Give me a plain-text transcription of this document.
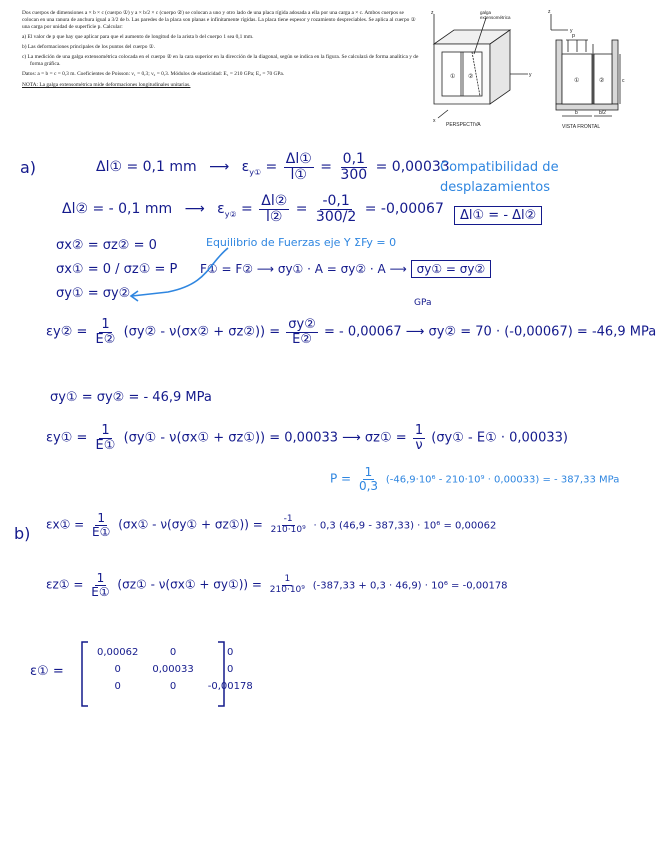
Dos cuerpos de dimensiones a × b × c (cuerpo ①) y a × b/2 × c (cuerpo ②) se colocan a uno y otro lado de una placa rígida adosada a ella por una carga a × c. Ambos cuerpos se colocan en una ranura de anchura igual a 3/2 de b. Las paredes de la placa son planas e infinitamente rígidas. La placa tiene espesor y rozamiento despreciables. Se aplica al cuerpo ① una carga por unidad de superficie p. Calcular:

a) El valor de p que hay que aplicar para que el aumento de longitud de la arista b del cuerpo 1 sea 0,1 mm.

b) Las deformaciones principales de los puntos del cuerpo ①.

c) La medición de una galga extensométrica colocada en el cuerpo ② en la cara superior en la dirección de la diagonal, según se indica en la figura. Se calculará de forma analítica y de forma gráfica.

Datos: a = b = c = 0,3 m. Coeficientes de Poisson: ν₁ = 0,3; ν₂ = 0,3. Módulos de elasticidad: E₁ = 210 GPa; E₂ = 70 GPa.

NOTA: La galga extensométrica mide deformaciones longitudinales unitarias.

① ②
z
y
x
galga
extensométrica
PERSPECTIVA
p
①	②
b	b/2
c
z
y
VISTA FRONTAL
a)	Δl① = 0,1 mm ⟶ $\varepsilon_{y①} = \frac{\text{Δl①}}{\text{l①}} = \frac{0,1}{300} = 0,00033$
Compatibilidad de
desplazamientos
Δl① = - Δl②
Δl② = - 0,1 mm ⟶ $\varepsilon_{y②} = \frac{\text{Δl②}}{\text{l②}} = \frac{-0,1}{300/2} = -0,00067$
σx② = σz② = 0
σx① = 0 / σz① = P
σy① = σy②
Equilibrio de Fuerzas eje Y ΣFy = 0
F① = F② ⟶ σy① · A = σy② · A ⟶ σy① = σy②
GPa
εy② = $\frac{1}{\text{E②}}$ (σy② - ν(σx② + σz②)) = $\frac{\text{σy②}}{\text{E②}}$ = - 0,00067 ⟶ σy② = 70 · (-0,00067) = -46,9 MPa
σy① = σy② = - 46,9 MPa
εy① = $\frac{1}{\text{E①}}$ (σy① - ν(σx① + σz①)) = 0,00033 ⟶ σz① = $\frac{1}{\nu}$ (σy① - E① · 0,00033)
$P = \frac{1}{0,3} (-46,9\cdot 10^6 - 210\cdot 10^9 \cdot 0,00033)$ = - 387,33 MPa
b) εx① = $\frac{1}{\text{E①}}$ (σx① - ν(σy① + σz①)) = $\frac{-1}{\text{210·10⁹}} \cdot 0,3$ (46,9 - 387,33) · 10⁶ = 0,00062
εz① = $\frac{1}{\text{E①}}$ (σz① - ν(σx① + σy①)) = $\frac{1}{\text{210·10⁹}} (-387,33 + 0,3 \cdot 46,9) \cdot 10^6 = -0,00178$
ε① =
0,00062	0	0
0	0,00033	0
0	0	-0,00178
